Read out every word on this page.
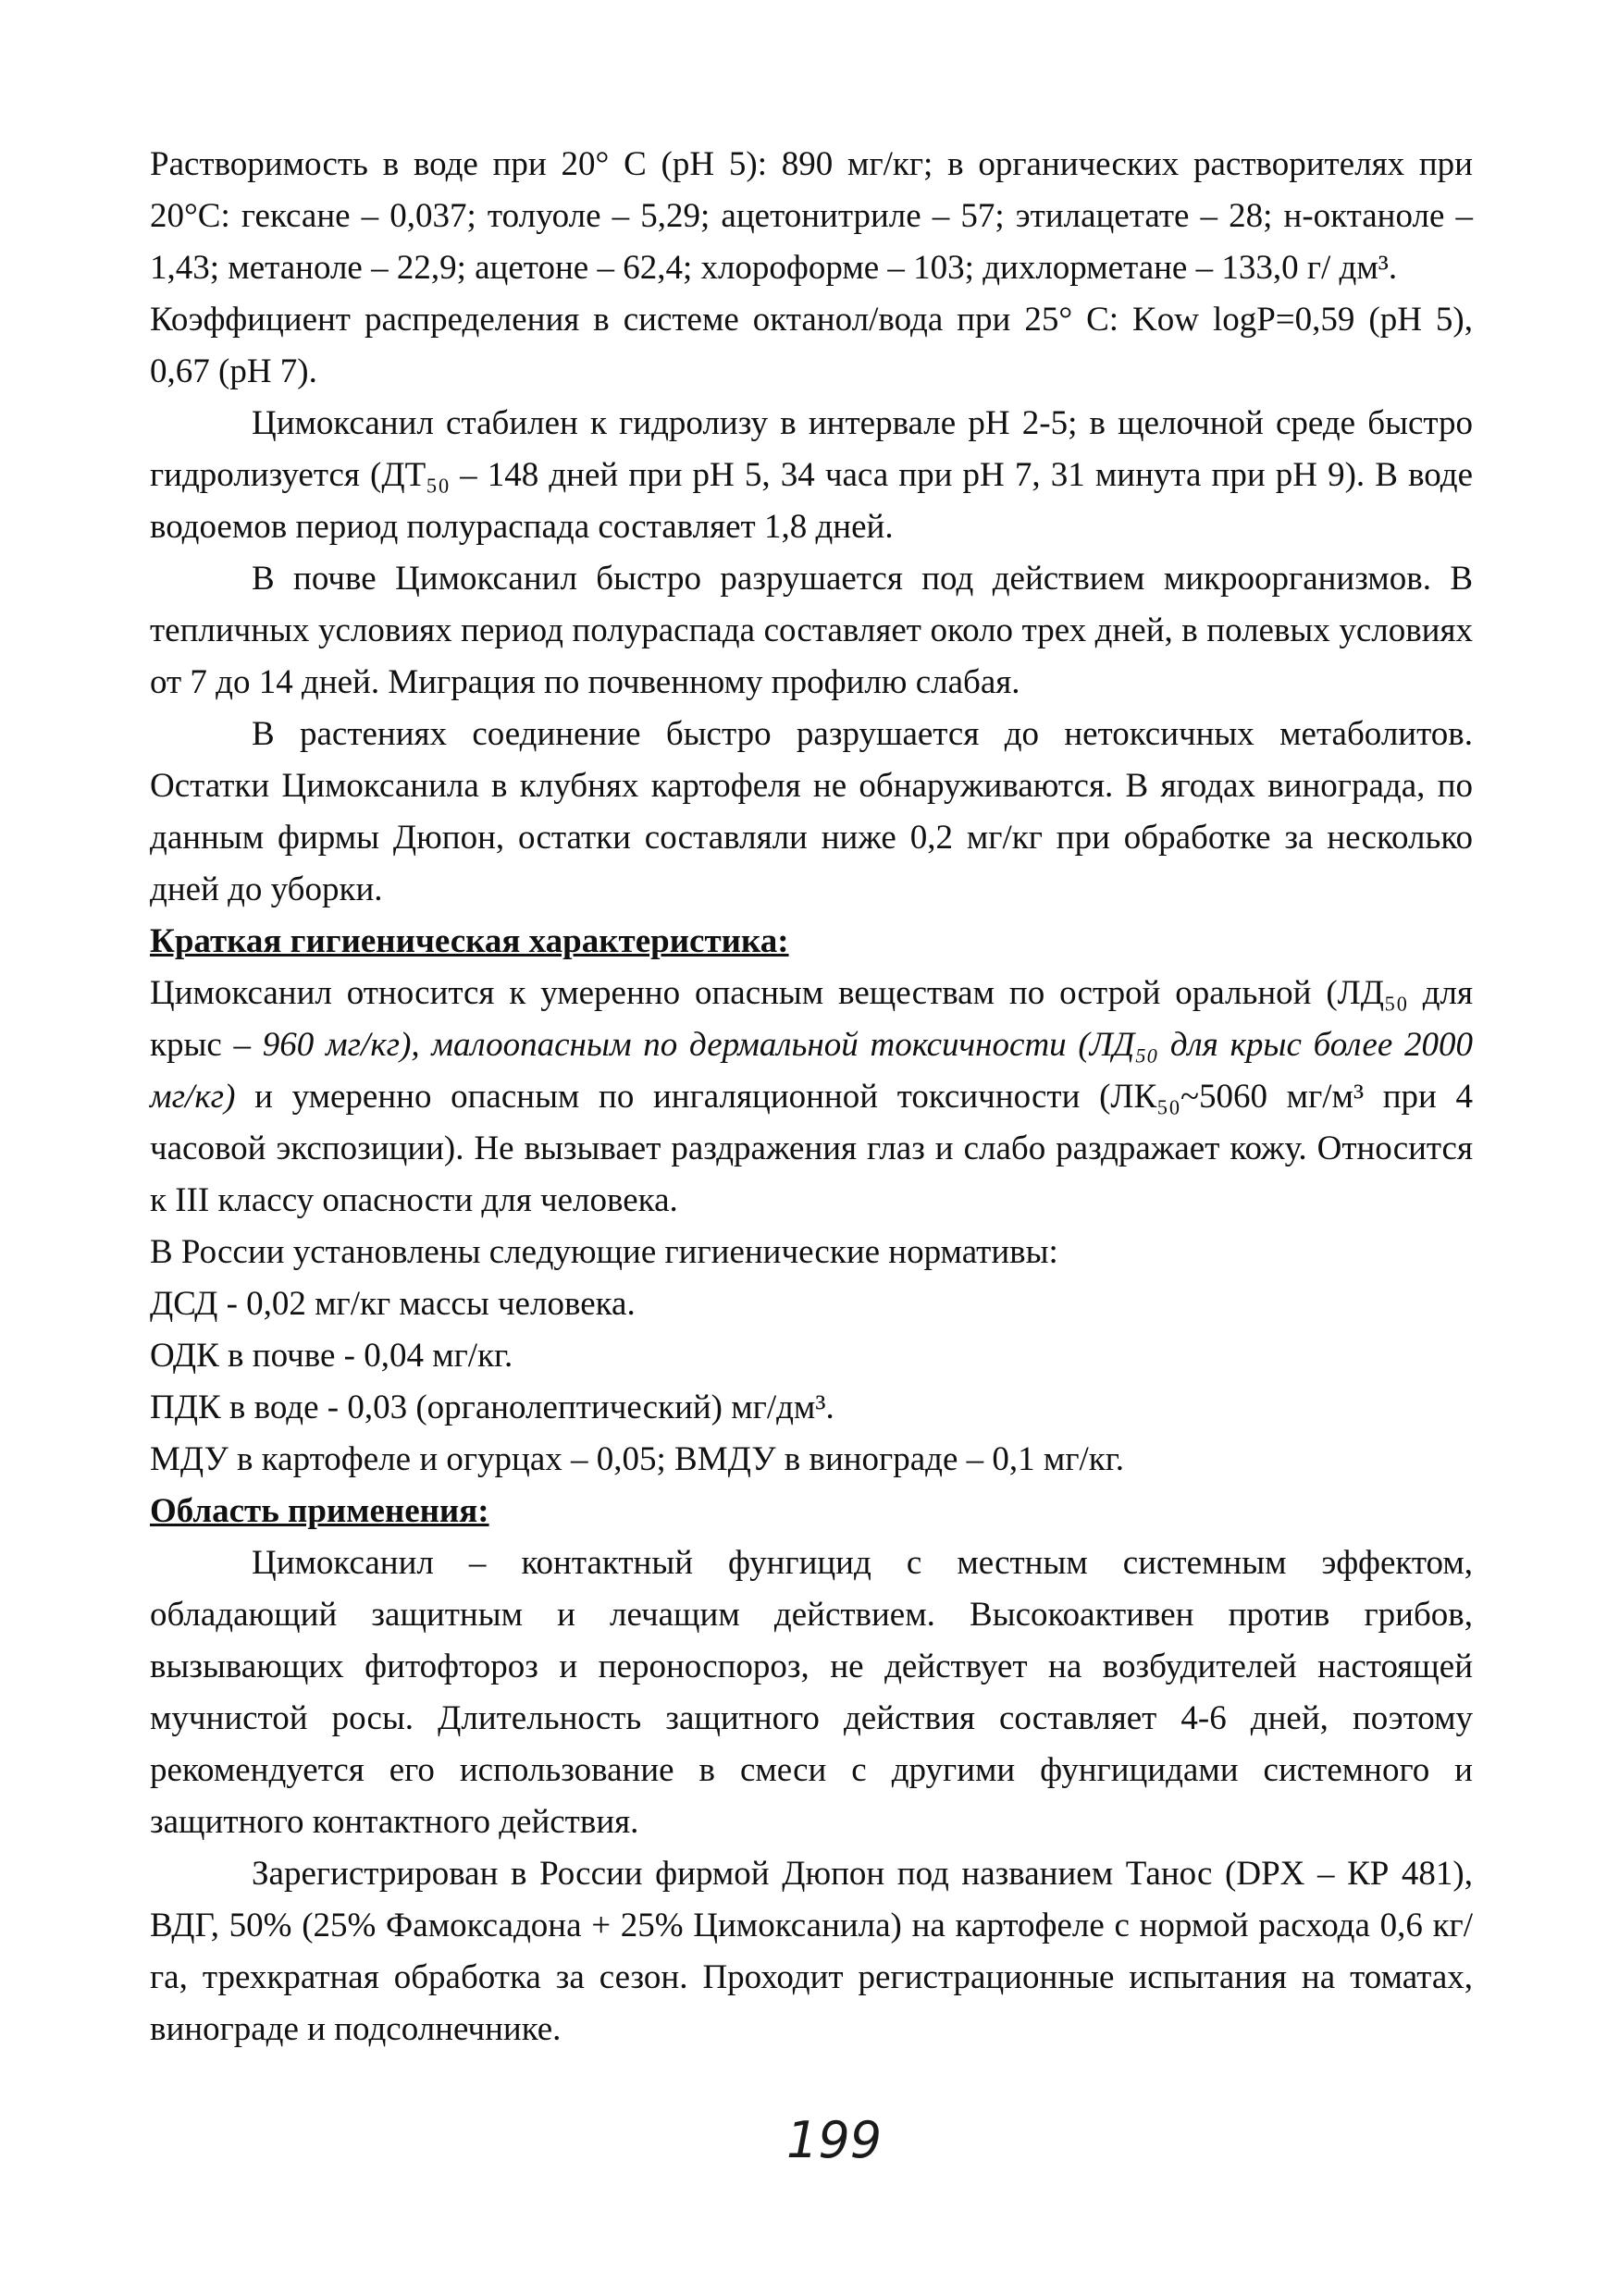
Растворимость в воде при 20° С (рН 5): 890 мг/кг; в органических растворителях при 20°С: гексане – 0,037; толуоле – 5,29; ацетонитриле – 57; этилацетате – 28; н-октаноле – 1,43; метаноле – 22,9; ацетоне – 62,4; хлороформе – 103; дихлорметане – 133,0 г/ дм³.

Коэффициент распределения в системе октанол/вода при 25° С: Kow logP=0,59 (рН 5), 0,67 (рН 7).

Цимоксанил стабилен к гидролизу в интервале рН 2-5; в щелочной среде быстро гидролизуется (ДТ₅₀ – 148 дней при рН 5, 34 часа при рН 7, 31 минута при рН 9). В воде водоемов период полураспада составляет 1,8 дней.

В почве Цимоксанил быстро разрушается под действием микроорганизмов. В тепличных условиях период полураспада составляет около трех дней, в полевых условиях от 7 до 14 дней. Миграция по почвенному профилю слабая.

В растениях соединение быстро разрушается до нетоксичных метаболитов. Остатки Цимоксанила в клубнях картофеля не обнаруживаются. В ягодах винограда, по данным фирмы Дюпон, остатки составляли ниже 0,2 мг/кг при обработке за несколько дней до уборки.

Краткая гигиеническая характеристика:

Цимоксанил относится к умеренно опасным веществам по острой оральной (ЛД₅₀ для крыс – 960 мг/кг), малоопасным по дермальной токсичности (ЛД₅₀ для крыс более 2000 мг/кг) и умеренно опасным по ингаляционной токсичности (ЛК₅₀~5060 мг/м³ при 4 часовой экспозиции). Не вызывает раздражения глаз и слабо раздражает кожу. Относится к III классу опасности для человека.

В России установлены следующие гигиенические нормативы:

ДСД - 0,02 мг/кг массы человека.

ОДК в почве - 0,04 мг/кг.

ПДК в воде - 0,03 (органолептический) мг/дм³.

МДУ в картофеле и огурцах – 0,05; ВМДУ в винограде – 0,1 мг/кг.

Область применения:

Цимоксанил – контактный фунгицид с местным системным эффектом, обладающий защитным и лечащим действием. Высокоактивен против грибов, вызывающих фитофтороз и пероноспороз, не действует на возбудителей настоящей мучнистой росы. Длительность защитного действия составляет 4-6 дней, поэтому рекомендуется его использование в смеси с другими фунгицидами системного и защитного контактного действия.

Зарегистрирован в России фирмой Дюпон под названием Танос (DPX – КР 481), ВДГ, 50% (25% Фамоксадона + 25% Цимоксанила) на картофеле с нормой расхода 0,6 кг/га, трехкратная обработка за сезон. Проходит регистрационные испытания на томатах, винограде и подсолнечнике.

199
